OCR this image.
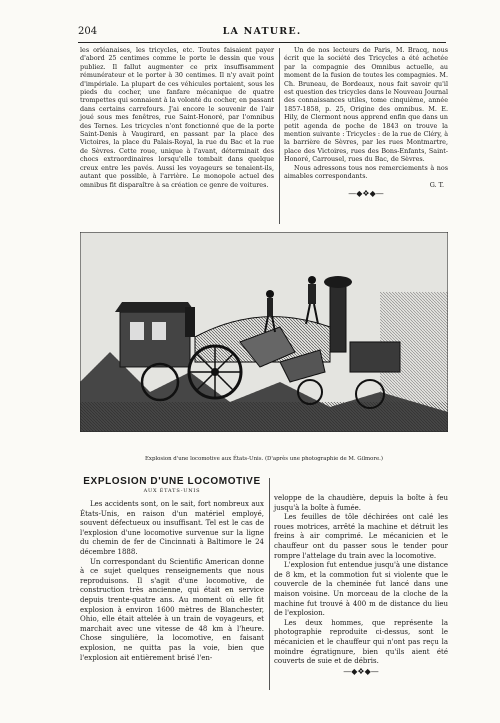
204	LA NATURE.

les orléanaises, les tricycles, etc. Toutes faisaient payer d'abord 25 centimes comme le porte le dessin que vous publiez. Il fallut augmenter ce prix insuffisamment rémunérateur et le porter à 30 centimes. Il n'y avait point d'impériale. La plupart de ces véhicules portaient, sous les pieds du cocher, une fanfare mécanique de quatre trompettes qui sonnaient à la volonté du cocher, en passant dans certains carrefours. J'ai encore le souvenir de l'air joué sous mes fenêtres, rue Saint-Honoré, par l'omnibus des Ternes. Les tricycles n'ont fonctionné que de la porte Saint-Denis à Vaugirard, en passant par la place des Victoires, la place du Palais-Royal, la rue du Bac et la rue de Sèvres. Cette roue, unique à l'avant, déterminait des chocs extraordinaires lorsqu'elle tombait dans quelque creux entre les pavés. Aussi les voyageurs se tenaient-ils, autant que possible, à l'arrière. Le monopole actuel des omnibus fit disparaître à sa création ce genre de voitures.

Un de nos lecteurs de Paris, M. Bracq, nous écrit que la société des Tricycles a été achetée par la compagnie des Omnibus actuelle, au moment de la fusion de toutes les compagnies. M. Ch. Bruneau, de Bordeaux, nous fait savoir qu'il est question des tricycles dans le Nouveau Journal des connaissances utiles, tome cinquième, année 1857-1858, p. 25, Origine des omnibus. M. E. Hily, de Clermont nous apprend enfin que dans un petit agenda de poche de 1843 on trouve la mention suivante : Tricycles : de la rue de Cléry, à la barrière de Sèvres, par les rues Montmartre, place des Victoires, rues des Bons-Enfants, Saint-Honoré, Carrousel, rues du Bac, de Sèvres.

Nous adressons tous nos remerciements à nos aimables correspondants.

G. T.

—◆❖◆—

Explosion d'une locomotive aux États-Unis. (D'après une photographie de M. Gilmore.)
EXPLOSION D'UNE LOCOMOTIVE
AUX ÉTATS-UNIS

Les accidents sont, on le sait, fort nombreux aux États-Unis, en raison d'un matériel employé, souvent défectueux ou insuffisant. Tel est le cas de l'explosion d'une locomotive survenue sur la ligne du chemin de fer de Cincinnati à Baltimore le 24 décembre 1888.

Un correspondant du Scientific American donne à ce sujet quelques renseignements que nous reproduisons. Il s'agit d'une locomotive, de construction très ancienne, qui était en service depuis trente-quatre ans. Au moment où elle fit explosion à environ 1600 mètres de Blanchester, Ohio, elle était attelée à un train de voyageurs, et marchait avec une vitesse de 48 km à l'heure. Chose singulière, la locomotive, en faisant explosion, ne quitta pas la voie, bien que l'explosion ait entièrement brisé l'en-

veloppe de la chaudière, depuis la boîte à feu jusqu'à la boîte à fumée.

Les feuilles de tôle déchirées ont calé les roues motrices, arrêté la machine et détruit les freins à air comprimé. Le mécanicien et le chauffeur ont du passer sous le tender pour rompre l'attelage du train avec la locomotive.

L'explosion fut entendue jusqu'à une distance de 8 km, et la commotion fut si violente que le couvercle de la cheminée fut lancé dans une maison voisine. Un morceau de la cloche de la machine fut trouvé à 400 m de distance du lieu de l'explosion.

Les deux hommes, que représente la photographie reproduite ci-dessus, sont le mécanicien et le chauffeur qui n'ont pas reçu la moindre égratignure, bien qu'ils aient été couverts de suie et de débris.

—◆❖◆—
